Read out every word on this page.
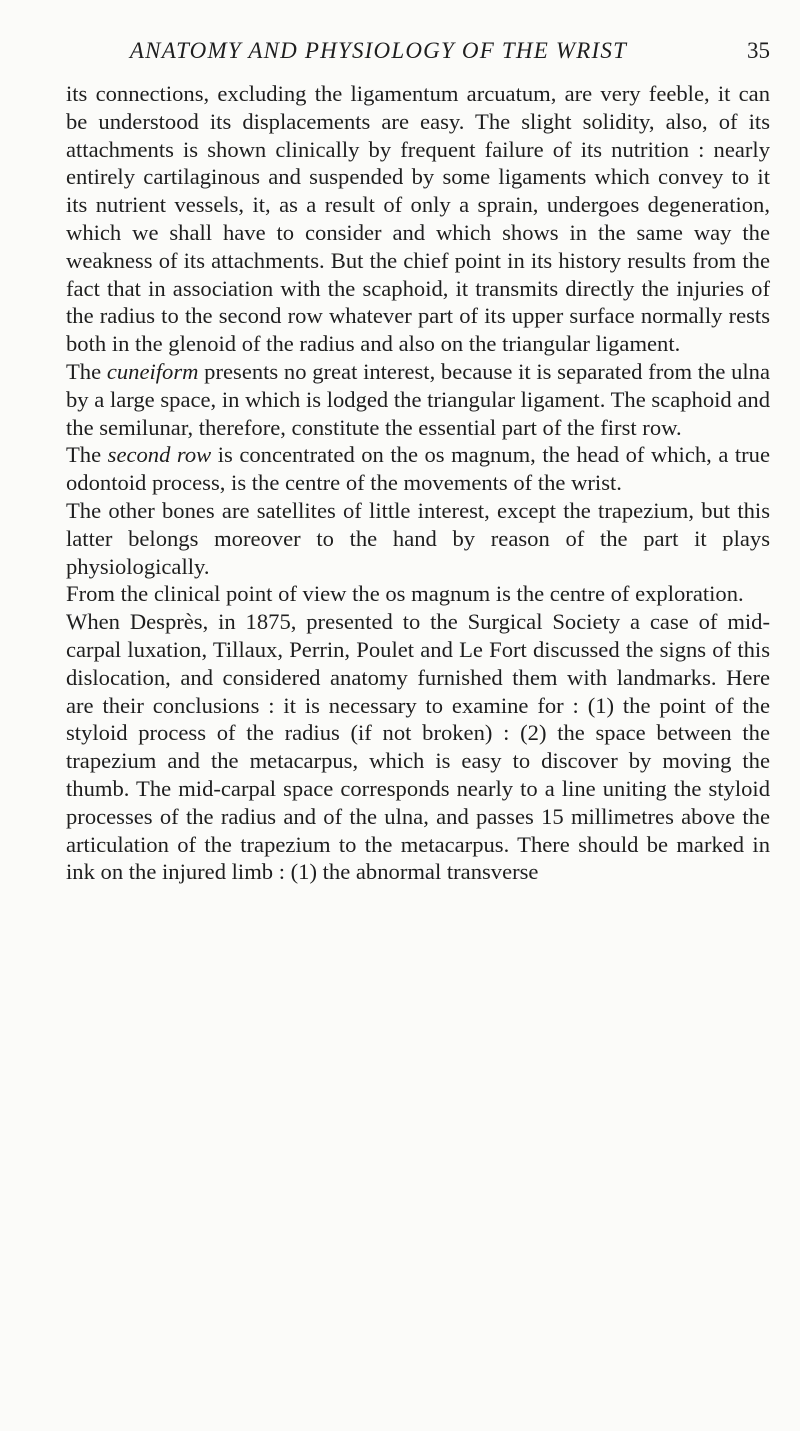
ANATOMY AND PHYSIOLOGY OF THE WRIST	35

its connections, excluding the ligamentum arcuatum, are very feeble, it can be understood its displacements are easy. The slight solidity, also, of its attachments is shown clinically by frequent failure of its nutrition : nearly entirely cartilaginous and suspended by some ligaments which convey to it its nutrient vessels, it, as a result of only a sprain, undergoes degeneration, which we shall have to consider and which shows in the same way the weakness of its attachments. But the chief point in its history results from the fact that in association with the scaphoid, it transmits directly the injuries of the radius to the second row whatever part of its upper surface normally rests both in the glenoid of the radius and also on the triangular ligament.

The cuneiform presents no great interest, because it is separated from the ulna by a large space, in which is lodged the triangular ligament. The scaphoid and the semilunar, therefore, constitute the essential part of the first row.

The second row is concentrated on the os magnum, the head of which, a true odontoid process, is the centre of the movements of the wrist.

The other bones are satellites of little interest, except the trapezium, but this latter belongs moreover to the hand by reason of the part it plays physiologically.

From the clinical point of view the os magnum is the centre of exploration.

When Desprès, in 1875, presented to the Surgical Society a case of mid-carpal luxation, Tillaux, Perrin, Poulet and Le Fort discussed the signs of this dislocation, and considered anatomy furnished them with landmarks. Here are their conclusions : it is necessary to examine for : (1) the point of the styloid process of the radius (if not broken) : (2) the space between the trapezium and the metacarpus, which is easy to discover by moving the thumb. The mid-carpal space corresponds nearly to a line uniting the styloid processes of the radius and of the ulna, and passes 15 millimetres above the articulation of the trapezium to the metacarpus. There should be marked in ink on the injured limb : (1) the abnormal transverse
